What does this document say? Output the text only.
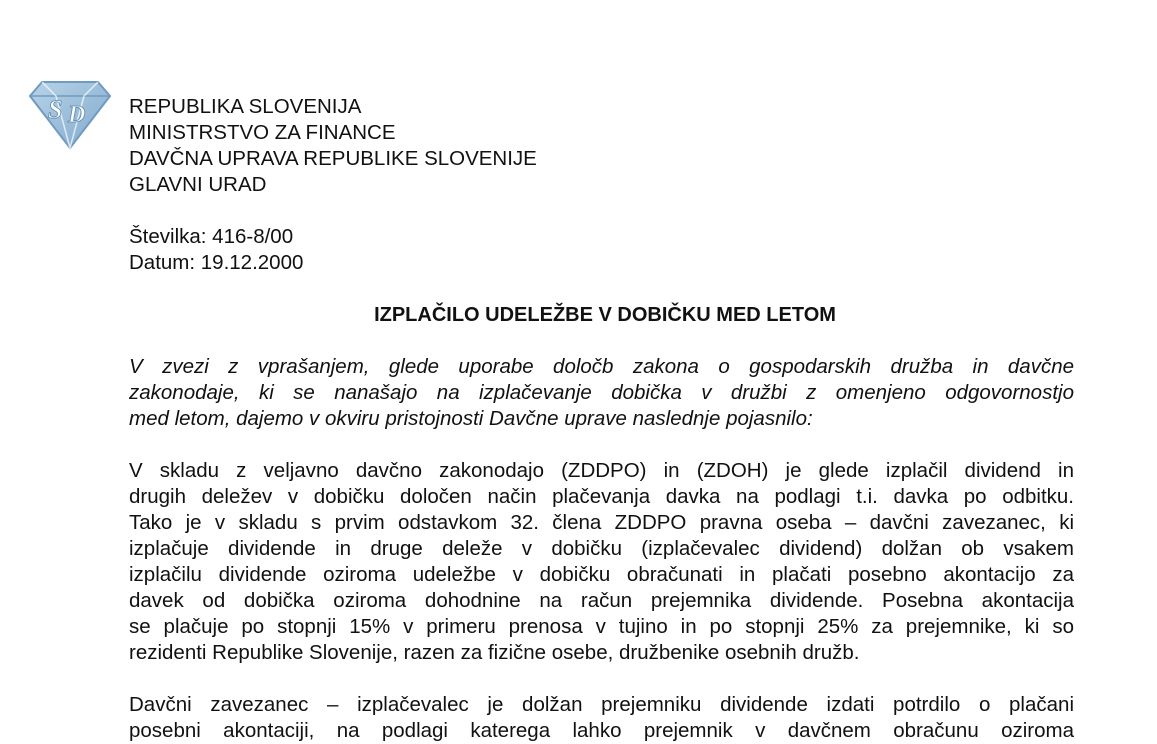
S D REPUBLIKA SLOVENIJA
MINISTRSTVO ZA FINANCE
DAVČNA UPRAVA REPUBLIKE SLOVENIJE
GLAVNI URAD
Številka: 416-8/00
Datum: 19.12.2000
IZPLAČILO UDELEŽBE V DOBIČKU MED LETOM
V zvezi z vprašanjem, glede uporabe določb zakona o gospodarskih družba in davčne
zakonodaje, ki se nanašajo na izplačevanje dobička v družbi z omenjeno odgovornostjo
med letom, dajemo v okviru pristojnosti Davčne uprave naslednje pojasnilo:
V skladu z veljavno davčno zakonodajo (ZDDPO) in (ZDOH) je glede izplačil dividend in
drugih deležev v dobičku določen način plačevanja davka na podlagi t.i. davka po odbitku.
Tako je v skladu s prvim odstavkom 32. člena ZDDPO pravna oseba – davčni zavezanec, ki
izplačuje dividende in druge deleže v dobičku (izplačevalec dividend) dolžan ob vsakem
izplačilu dividende oziroma udeležbe v dobičku obračunati in plačati posebno akontacijo za
davek od dobička oziroma dohodnine na račun prejemnika dividende. Posebna akontacija
se plačuje po stopnji 15% v primeru prenosa v tujino in po stopnji 25% za prejemnike, ki so
rezidenti Republike Slovenije, razen za fizične osebe, družbenike osebnih družb.
Davčni zavezanec – izplačevalec je dolžan prejemniku dividende izdati potrdilo o plačani
posebni akontaciji, na podlagi katerega lahko prejemnik v davčnem obračunu oziroma
